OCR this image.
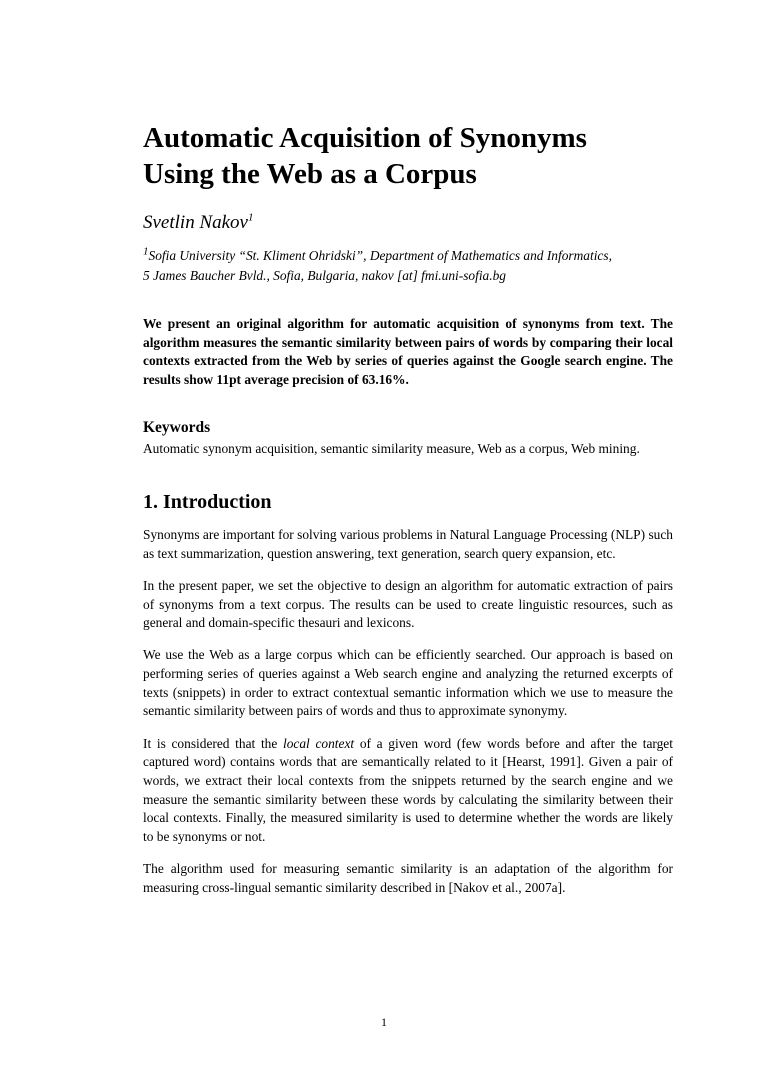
Automatic Acquisition of Synonyms
Using the Web as a Corpus
Svetlin Nakov$^1$
$^1$Sofia University “St. Kliment Ohridski”, Department of Mathematics and Informatics,
5 James Baucher Bvld., Sofia, Bulgaria, nakov [at] fmi.uni-sofia.bg
We present an original algorithm for automatic acquisition of synonyms from text. The algorithm measures the semantic similarity between pairs of words by comparing their local contexts extracted from the Web by series of queries against the Google search engine. The results show 11pt average precision of 63.16%.
Keywords
Automatic synonym acquisition, semantic similarity measure, Web as a corpus, Web mining.
1. Introduction

Synonyms are important for solving various problems in Natural Language Processing (NLP) such as text summarization, question answering, text generation, search query expansion, etc.

In the present paper, we set the objective to design an algorithm for automatic extraction of pairs of synonyms from a text corpus. The results can be used to create linguistic resources, such as general and domain-specific thesauri and lexicons.

We use the Web as a large corpus which can be efficiently searched. Our approach is based on performing series of queries against a Web search engine and analyzing the returned excerpts of texts (snippets) in order to extract contextual semantic information which we use to measure the semantic similarity between pairs of words and thus to approximate synonymy.

It is considered that the local context of a given word (few words before and after the target captured word) contains words that are semantically related to it [Hearst, 1991]. Given a pair of words, we extract their local contexts from the snippets returned by the search engine and we measure the semantic similarity between these words by calculating the similarity between their local contexts. Finally, the measured similarity is used to determine whether the words are likely to be synonyms or not.

The algorithm used for measuring semantic similarity is an adaptation of the algorithm for measuring cross-lingual semantic similarity described in [Nakov et al., 2007a].

1
